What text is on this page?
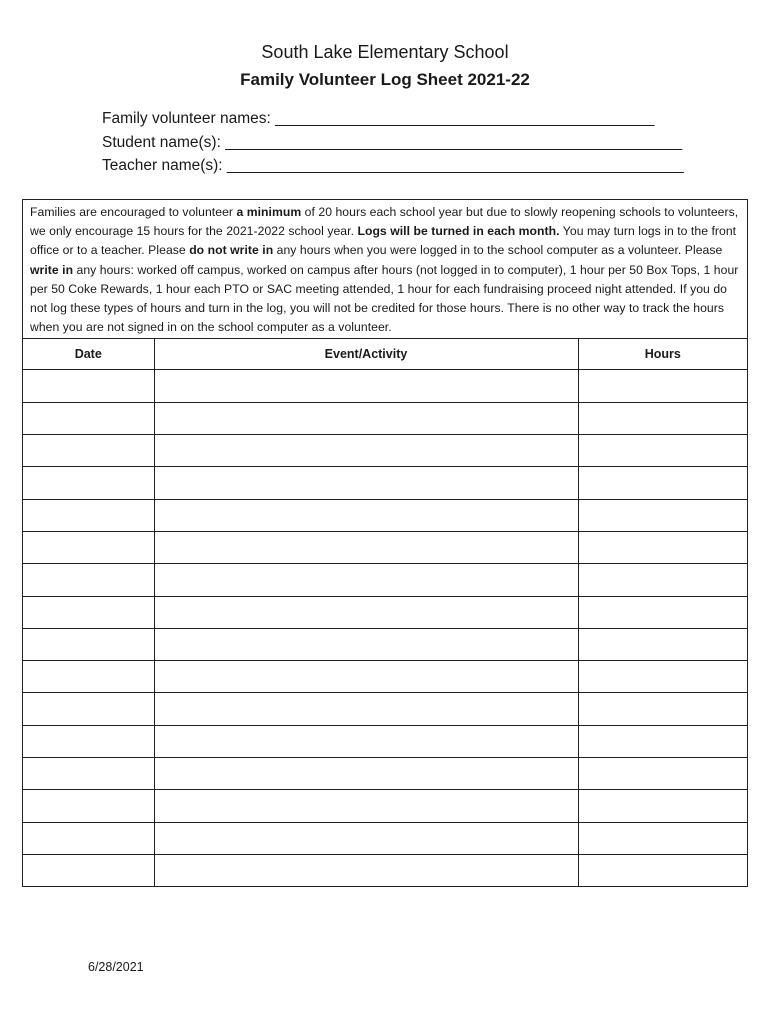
South Lake Elementary School
Family Volunteer Log Sheet 2021-22
Family volunteer names: ____________________________________________
Student name(s): _____________________________________________________
Teacher name(s): _____________________________________________________
Families are encouraged to volunteer a minimum of 20 hours each school year but due to slowly reopening schools to volunteers, we only encourage 15 hours for the 2021-2022 school year. Logs will be turned in each month. You may turn logs in to the front office or to a teacher. Please do not write in any hours when you were logged in to the school computer as a volunteer. Please write in any hours: worked off campus, worked on campus after hours (not logged in to computer), 1 hour per 50 Box Tops, 1 hour per 50 Coke Rewards, 1 hour each PTO or SAC meeting attended, 1 hour for each fundraising proceed night attended. If you do not log these types of hours and turn in the log, you will not be credited for those hours. There is no other way to track the hours when you are not signed in on the school computer as a volunteer.
Date	Event/Activity	Hours

6/28/2021
